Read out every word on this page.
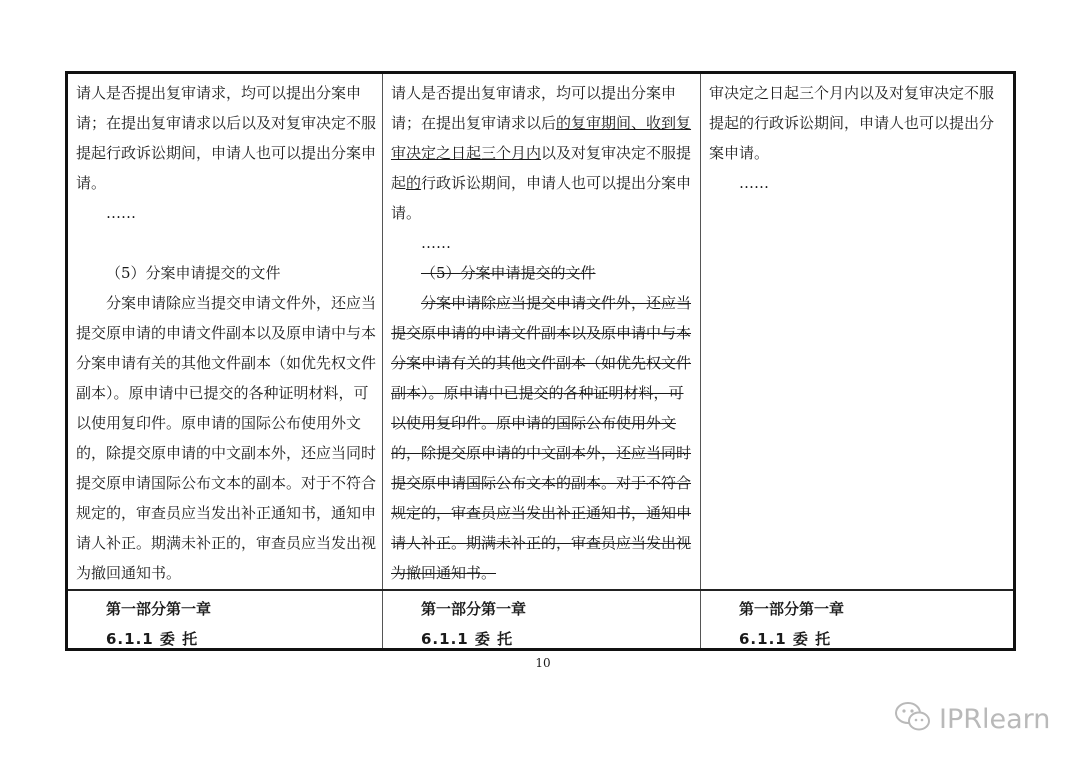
请人是否提出复审请求，均可以提出分案申请；在提出复审请求以后以及对复审决定不服提起行政诉讼期间，申请人也可以提出分案申请。

……

（5）分案申请提交的文件

分案申请除应当提交申请文件外，还应当提交原申请的申请文件副本以及原申请中与本分案申请有关的其他文件副本（如优先权文件副本）。原申请中已提交的各种证明材料，可以使用复印件。原申请的国际公布使用外文的，除提交原申请的中文副本外，还应当同时提交原申请国际公布文本的副本。对于不符合规定的，审查员应当发出补正通知书，通知申请人补正。期满未补正的，审查员应当发出视为撤回通知书。

请人是否提出复审请求，均可以提出分案申请；在提出复审请求以后的复审期间、收到复审决定之日起三个月内以及对复审决定不服提起的行政诉讼期间，申请人也可以提出分案申请。

……

（5）分案申请提交的文件

分案申请除应当提交申请文件外，还应当提交原申请的申请文件副本以及原申请中与本分案申请有关的其他文件副本（如优先权文件副本）。原申请中已提交的各种证明材料，可以使用复印件。原申请的国际公布使用外文的，除提交原申请的中文副本外，还应当同时提交原申请国际公布文本的副本。对于不符合规定的，审查员应当发出补正通知书，通知申请人补正。期满未补正的，审查员应当发出视为撤回通知书。

审决定之日起三个月内以及对复审决定不服提起的行政诉讼期间，申请人也可以提出分案申请。

……

第一部分第一章
6.1.1 委 托
第一部分第一章
6.1.1 委 托
第一部分第一章
6.1.1 委 托
10
IPRlearn
